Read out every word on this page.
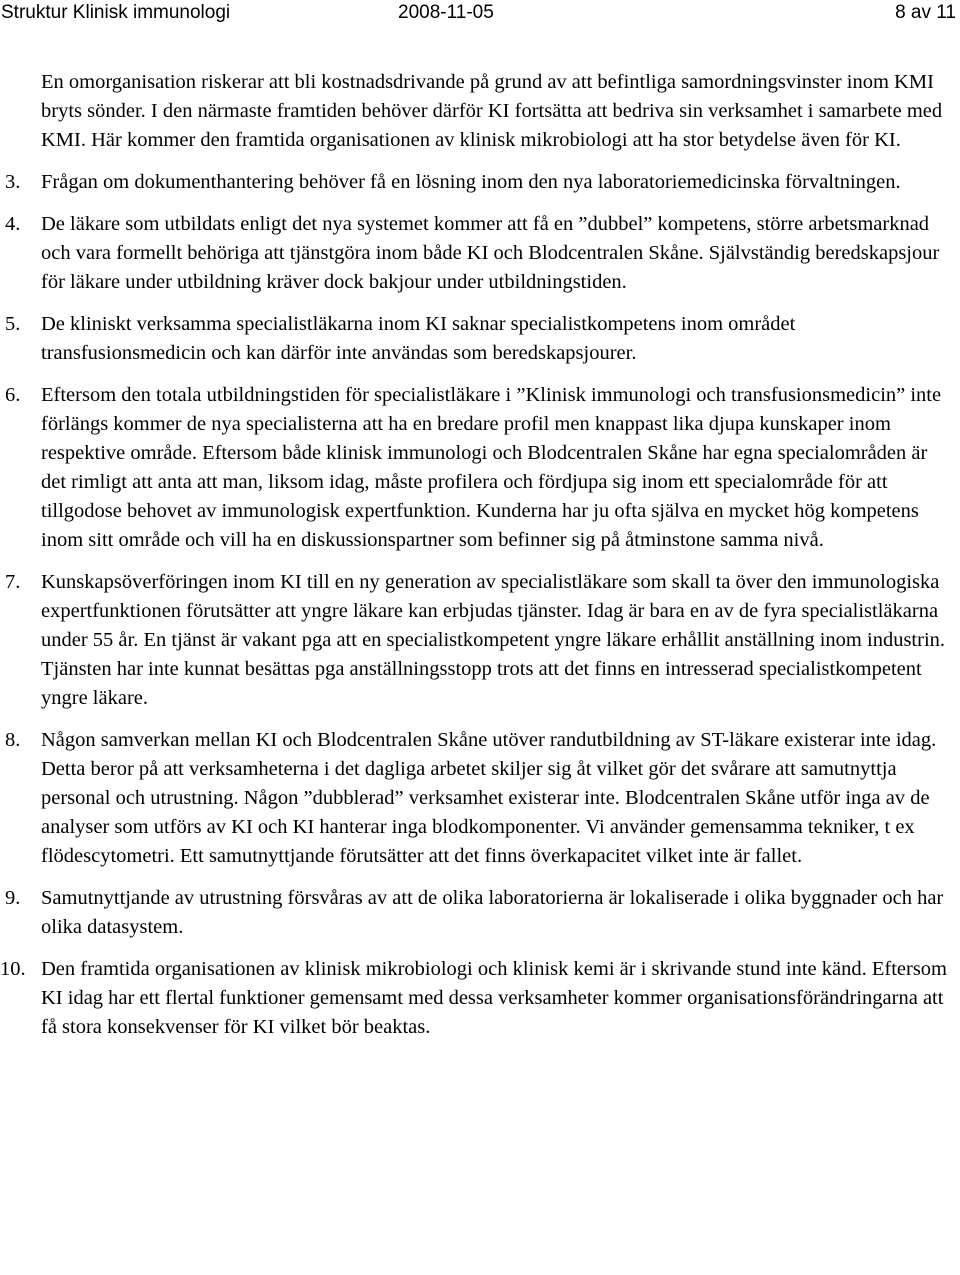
Struktur Klinisk immunologi	2008-11-05	8 av 11

En omorganisation riskerar att bli kostnadsdrivande på grund av att befintliga samordningsvinster inom KMI bryts sönder. I den närmaste framtiden behöver därför KI fortsätta att bedriva sin verksamhet i samarbete med KMI. Här kommer den framtida organisationen av klinisk mikrobiologi att ha stor betydelse även för KI.

3. Frågan om dokumenthantering behöver få en lösning inom den nya laboratoriemedicinska förvaltningen.
4. De läkare som utbildats enligt det nya systemet kommer att få en ”dubbel” kompetens, större arbetsmarknad och vara formellt behöriga att tjänstgöra inom både KI och Blodcentralen Skåne. Självständig beredskapsjour för läkare under utbildning kräver dock bakjour under utbildningstiden.
5. De kliniskt verksamma specialistläkarna inom KI saknar specialistkompetens inom området transfusionsmedicin och kan därför inte användas som beredskapsjourer.
6. Eftersom den totala utbildningstiden för specialistläkare i ”Klinisk immunologi och transfusionsmedicin” inte förlängs kommer de nya specialisterna att ha en bredare profil men knappast lika djupa kunskaper inom respektive område. Eftersom både klinisk immunologi och Blodcentralen Skåne har egna specialområden är det rimligt att anta att man, liksom idag, måste profilera och fördjupa sig inom ett specialområde för att tillgodose behovet av immunologisk expertfunktion. Kunderna har ju ofta själva en mycket hög kompetens inom sitt område och vill ha en diskussionspartner som befinner sig på åtminstone samma nivå.
7. Kunskapsöverföringen inom KI till en ny generation av specialistläkare som skall ta över den immunologiska expertfunktionen förutsätter att yngre läkare kan erbjudas tjänster. Idag är bara en av de fyra specialistläkarna under 55 år. En tjänst är vakant pga att en specialistkompetent yngre läkare erhållit anställning inom industrin. Tjänsten har inte kunnat besättas pga anställningsstopp trots att det finns en intresserad specialistkompetent yngre läkare.
8. Någon samverkan mellan KI och Blodcentralen Skåne utöver randutbildning av ST-läkare existerar inte idag. Detta beror på att verksamheterna i det dagliga arbetet skiljer sig åt vilket gör det svårare att samutnyttja personal och utrustning. Någon ”dubblerad” verksamhet existerar inte. Blodcentralen Skåne utför inga av de analyser som utförs av KI och KI hanterar inga blodkomponenter. Vi använder gemensamma tekniker, t ex flödescytometri. Ett samutnyttjande förutsätter att det finns överkapacitet vilket inte är fallet.
9. Samutnyttjande av utrustning försvåras av att de olika laboratorierna är lokaliserade i olika byggnader och har olika datasystem.
10. Den framtida organisationen av klinisk mikrobiologi och klinisk kemi är i skrivande stund inte känd. Eftersom KI idag har ett flertal funktioner gemensamt med dessa verksamheter kommer organisationsförändringarna att få stora konsekvenser för KI vilket bör beaktas.
